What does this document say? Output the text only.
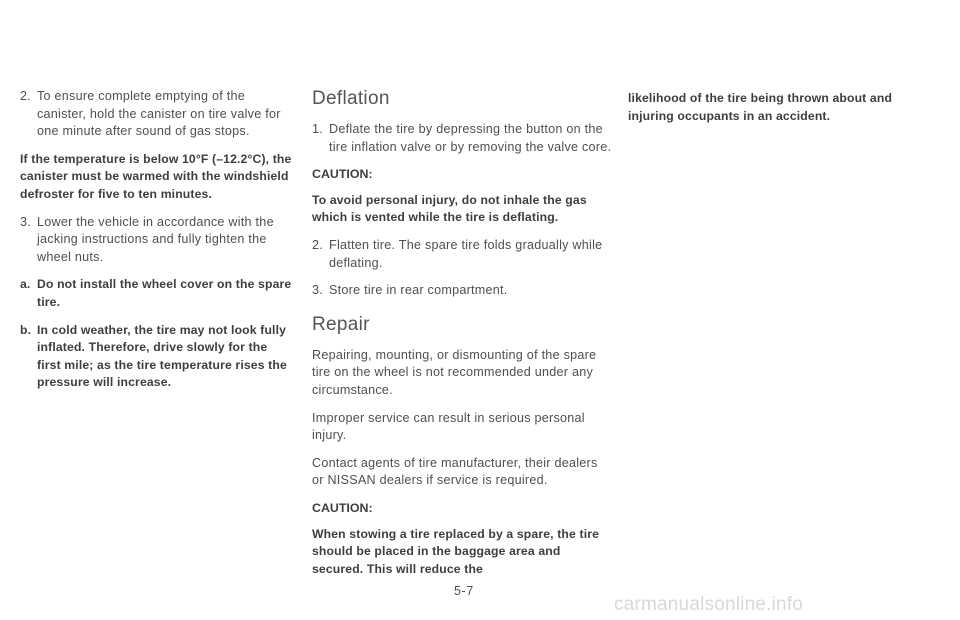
2. To ensure complete emptying of the canister, hold the canister on tire valve for one minute after sound of gas stops.
If the temperature is below 10°F (–12.2°C), the canister must be warmed with the windshield defroster for five to ten minutes.
3. Lower the vehicle in accordance with the jacking instructions and fully tighten the wheel nuts.
a. Do not install the wheel cover on the spare tire.
b. In cold weather, the tire may not look fully inflated. Therefore, drive slowly for the first mile; as the tire temperature rises the pressure will increase.
Deflation
1. Deflate the tire by depressing the button on the tire inflation valve or by removing the valve core.
CAUTION:
To avoid personal injury, do not inhale the gas which is vented while the tire is deflating.
2. Flatten tire. The spare tire folds gradually while deflating.
3. Store tire in rear compartment.
Repair
Repairing, mounting, or dismounting of the spare tire on the wheel is not recommended under any circumstance.
Improper service can result in serious personal injury.
Contact agents of tire manufacturer, their dealers or NISSAN dealers if service is required.
CAUTION:
When stowing a tire replaced by a spare, the tire should be placed in the baggage area and secured. This will reduce the
likelihood of the tire being thrown about and injuring occupants in an accident.
5-7
carmanualsonline.info
